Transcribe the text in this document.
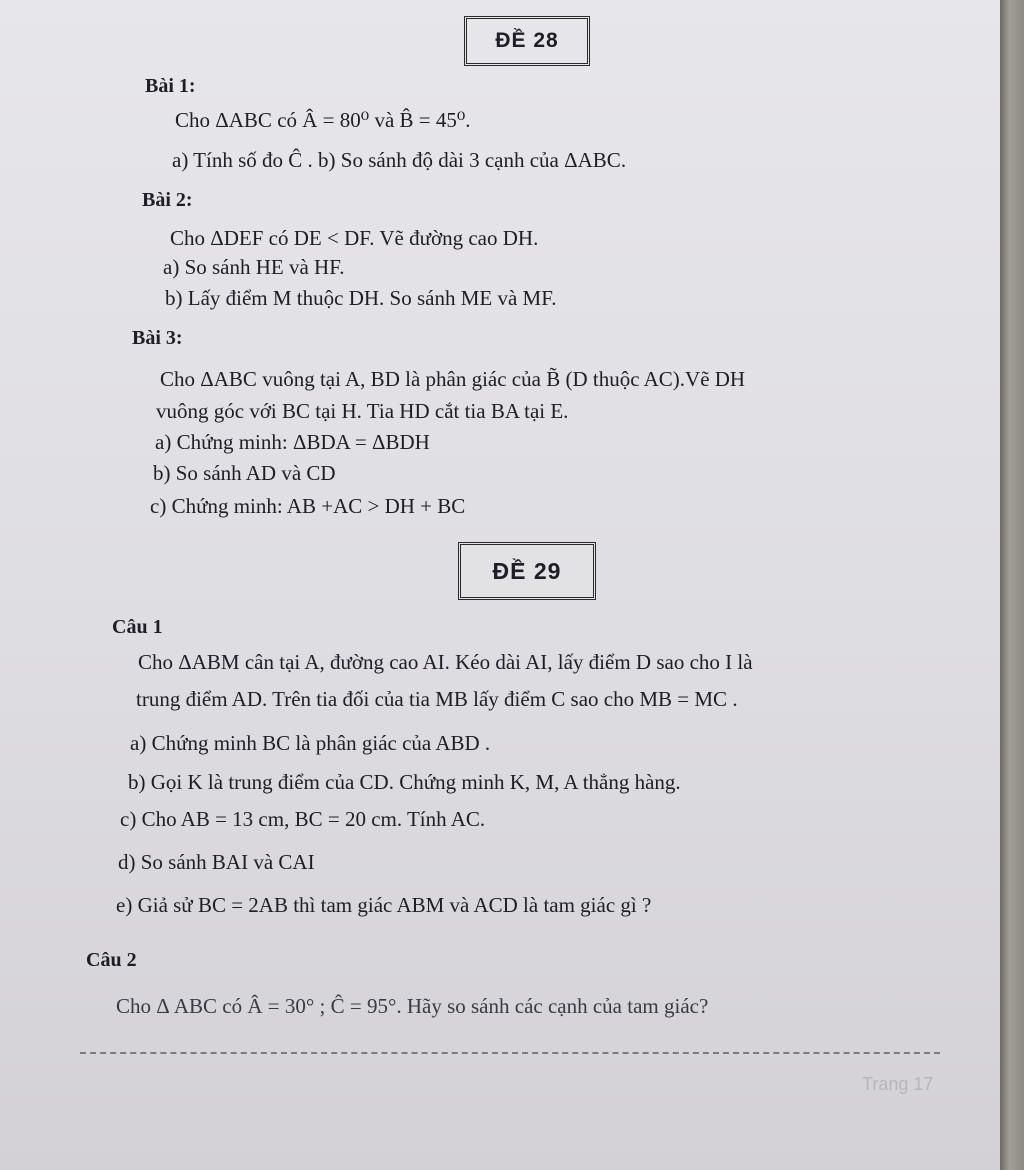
ĐỀ 28
Bài 1:
Cho ΔABC có Â = 80⁰ và B̂ = 45⁰.
a) Tính số đo Ĉ . b) So sánh độ dài 3 cạnh của ΔABC.
Bài 2:
Cho ΔDEF có DE < DF. Vẽ đường cao DH.
a) So sánh HE và HF.
b) Lấy điểm M thuộc DH. So sánh ME và MF.
Bài 3:
Cho ΔABC vuông tại A, BD là phân giác của B̃ (D thuộc AC).Vẽ DH
vuông góc với BC tại H. Tia HD cắt tia BA tại E.
a) Chứng minh: ΔBDA = ΔBDH
b) So sánh AD và CD
c) Chứng minh: AB +AC > DH + BC
ĐỀ 29
Câu 1
Cho ΔABM cân tại A, đường cao AI. Kéo dài AI, lấy điểm D sao cho I là
trung điểm AD. Trên tia đối của tia MB lấy điểm C sao cho MB = MC .
a) Chứng minh BC là phân giác của ABD .
b) Gọi K là trung điểm của CD. Chứng minh K, M, A thẳng hàng.
c) Cho AB = 13 cm, BC = 20 cm. Tính AC.
d) So sánh BAI và CAI
e) Giả sử BC = 2AB thì tam giác ABM và ACD là tam giác gì ?
Câu 2
Cho Δ ABC có Â = 30° ; Ĉ = 95°. Hãy so sánh các cạnh của tam giác?
Trang 17
